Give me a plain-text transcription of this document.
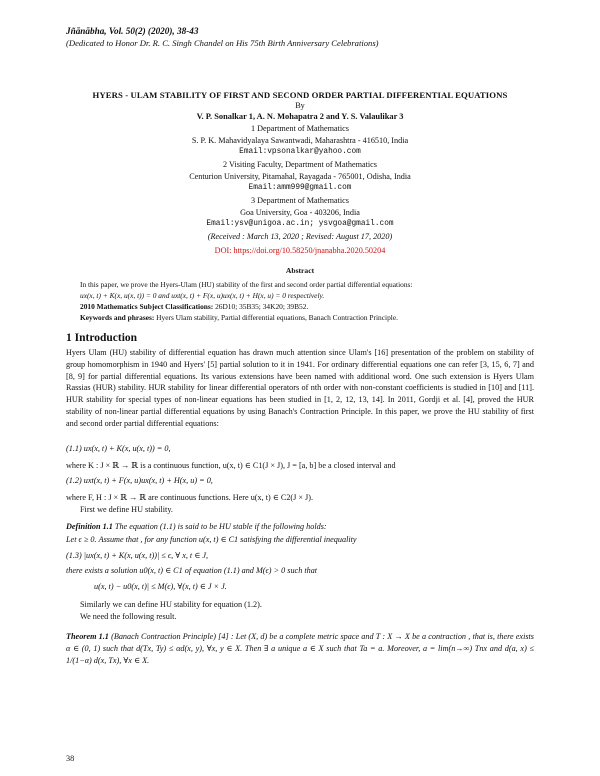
Jñānābha, Vol. 50(2) (2020), 38-43
(Dedicated to Honor Dr. R. C. Singh Chandel on His 75th Birth Anniversary Celebrations)
HYERS - ULAM STABILITY OF FIRST AND SECOND ORDER PARTIAL DIFFERENTIAL EQUATIONS
By
V. P. Sonalkar 1, A. N. Mohapatra 2 and Y. S. Valaulikar 3
1 Department of Mathematics
S. P. K. Mahavidyalaya Sawantwadi, Maharashtra - 416510, India
Email:vpsonalkar@yahoo.com
2 Visiting Faculty, Department of Mathematics
Centurion University, Pitamahal, Rayagada - 765001, Odisha, India
Email:amm999@gmail.com
3 Department of Mathematics
Goa University, Goa - 403206, India
Email:ysv@unigoa.ac.in; ysvgoa@gmail.com
(Received : March 13, 2020 ; Revised: August 17, 2020)
DOI: https://doi.org/10.58250/jnanabha.2020.50204
Abstract
In this paper, we prove the Hyers-Ulam (HU) stability of the first and second order partial differential equations:
ux(x, t) + K(x, u(x, t)) = 0 and uxt(x, t) + F(x, u)ux(x, t) + H(x, u) = 0 respectively.
2010 Mathematics Subject Classifications: 26D10; 35B35; 34K20; 39B52.
Keywords and phrases: Hyers Ulam stability, Partial differential equations, Banach Contraction Principle.
1 Introduction
Hyers Ulam (HU) stability of differential equation has drawn much attention since Ulam's [16] presentation of the problem on stability of group homomorphism in 1940 and Hyers' [5] partial solution to it in 1941. For ordinary differential equations one can refer [3, 15, 6, 7] and [8, 9] for partial differential equations. Its various extensions have been named with additional word. One such extension is Hyers Ulam Rassias (HUR) stability. HUR stability for linear differential operators of nth order with non-constant coefficients is studied in [10] and [11]. HUR stability for special types of non-linear equations has been studied in [1, 2, 12, 13, 14]. In 2011, Gordji et al. [4], proved the HUR stability of non-linear partial differential equations by using Banach's Contraction Principle. In this paper, we prove the HU stability of first and second order partial differential equations:
(1.1) ux(x, t) + K(x, u(x, t)) = 0,
where K : J × ℝ → ℝ is a continuous function, u(x, t) ∈ C1(J × J), J = [a, b] be a closed interval and
(1.2) uxt(x, t) + F(x, u)ux(x, t) + H(x, u) = 0,
where F, H : J × ℝ → ℝ are continuous functions. Here u(x, t) ∈ C2(J × J).
First we define HU stability.
Definition 1.1 The equation (1.1) is said to be HU stable if the following holds:
Let ϵ ≥ 0. Assume that , for any function u(x, t) ∈ C1 satisfying the differential inequality
(1.3) |ux(x, t) + K(x, u(x, t))| ≤ ϵ, ∀ x, t ∈ J,
there exists a solution u0(x, t) ∈ C1 of equation (1.1) and M(ϵ) > 0 such that
u(x, t) − u0(x, t)| ≤ M(ϵ), ∀(x, t) ∈ J × J.
Similarly we can define HU stability for equation (1.2).
We need the following result.
Theorem 1.1 (Banach Contraction Principle) [4] : Let (X, d) be a complete metric space and T : X → X be a contraction , that is, there exists α ∈ (0, 1) such that d(Tx, Ty) ≤ αd(x, y), ∀x, y ∈ X. Then ∃ a unique a ∈ X such that Ta = a. Moreover, a = lim(n→∞) Tnx and d(a, x) ≤ 1/(1−α) d(x, Tx), ∀x ∈ X.
38
